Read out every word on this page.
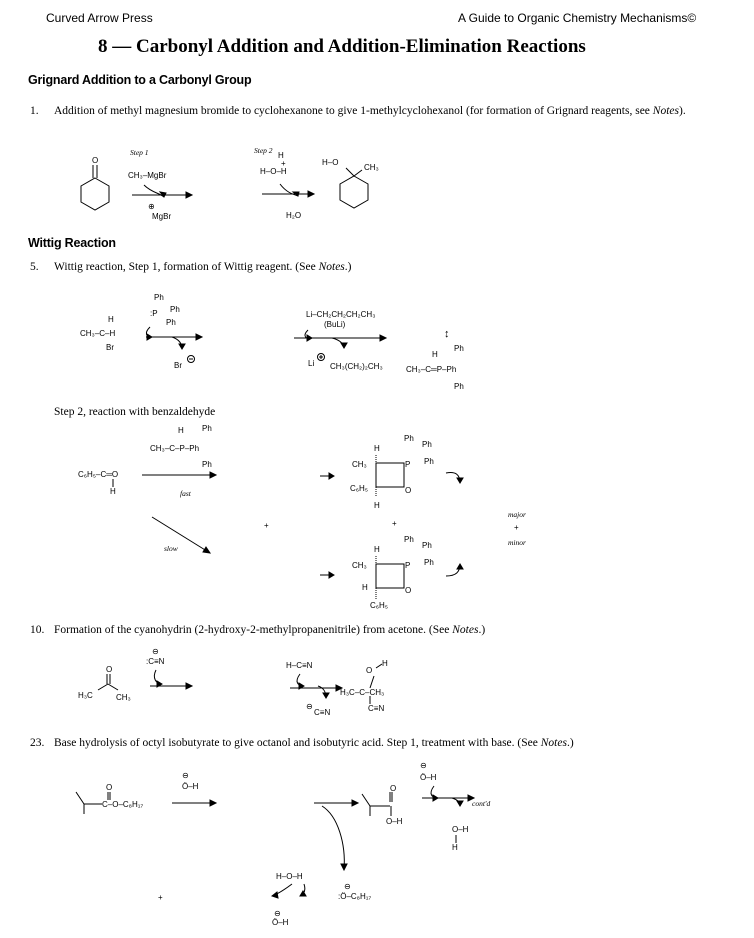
Curved Arrow Press	A Guide to Organic Chemistry Mechanisms©
8 — Carbonyl Addition and Addition-Elimination Reactions
Grignard Addition to a Carbonyl Group
1.	Addition of methyl magnesium bromide to cyclohexanone to give 1-methylcyclohexanol (for formation of Grignard reagents, see Notes).
Step 1	Step 2
O
CH₃–MgBr
⊕
MgBr
H
+
H–O–H
H₂O
H–O
CH₃
Wittig Reaction
5.	Wittig reaction, Step 1, formation of Wittig reagent. (See Notes.)
H
CH₃–C–H
Br
Ph
:P Ph
Ph
Br
Li–CH₂CH₂CH₂CH₃
(BuLi)
Li CH₃(CH₂)₂CH₃
↕
Ph
H
CH₃–C═P–Ph
Ph
Step 2, reaction with benzaldehyde
C₆H₅–C═O
H
H Ph
CH₃–C–P–Ph
Ph
fast
slow
+	+
Ph
Ph
Ph
H
CH₃	P
C₆H₅	O
H
major
+
minor
Ph
Ph
Ph
H
CH₃	P
H	O
C₆H₅
10. Formation of the cyanohydrin (2-hydroxy-2-methylpropanenitrile) from acetone. (See Notes.)
⊖
:C≡N
O
H₃C	CH₃
H–C≡N
⊖
C≡N
H
O
H₃C–C–CH₃
C≡N
23. Base hydrolysis of octyl isobutyrate to give octanol and isobutyric acid. Step 1, treatment with base. (See Notes.)
O
C–O–C₈H₁₇
⊖
Ö–H	O
O–H
⊖
Ö–H
cont'd
O–H
H
+
H–O–H
⊖
Ö–H
⊖
:Ö–C₈H₁₇
